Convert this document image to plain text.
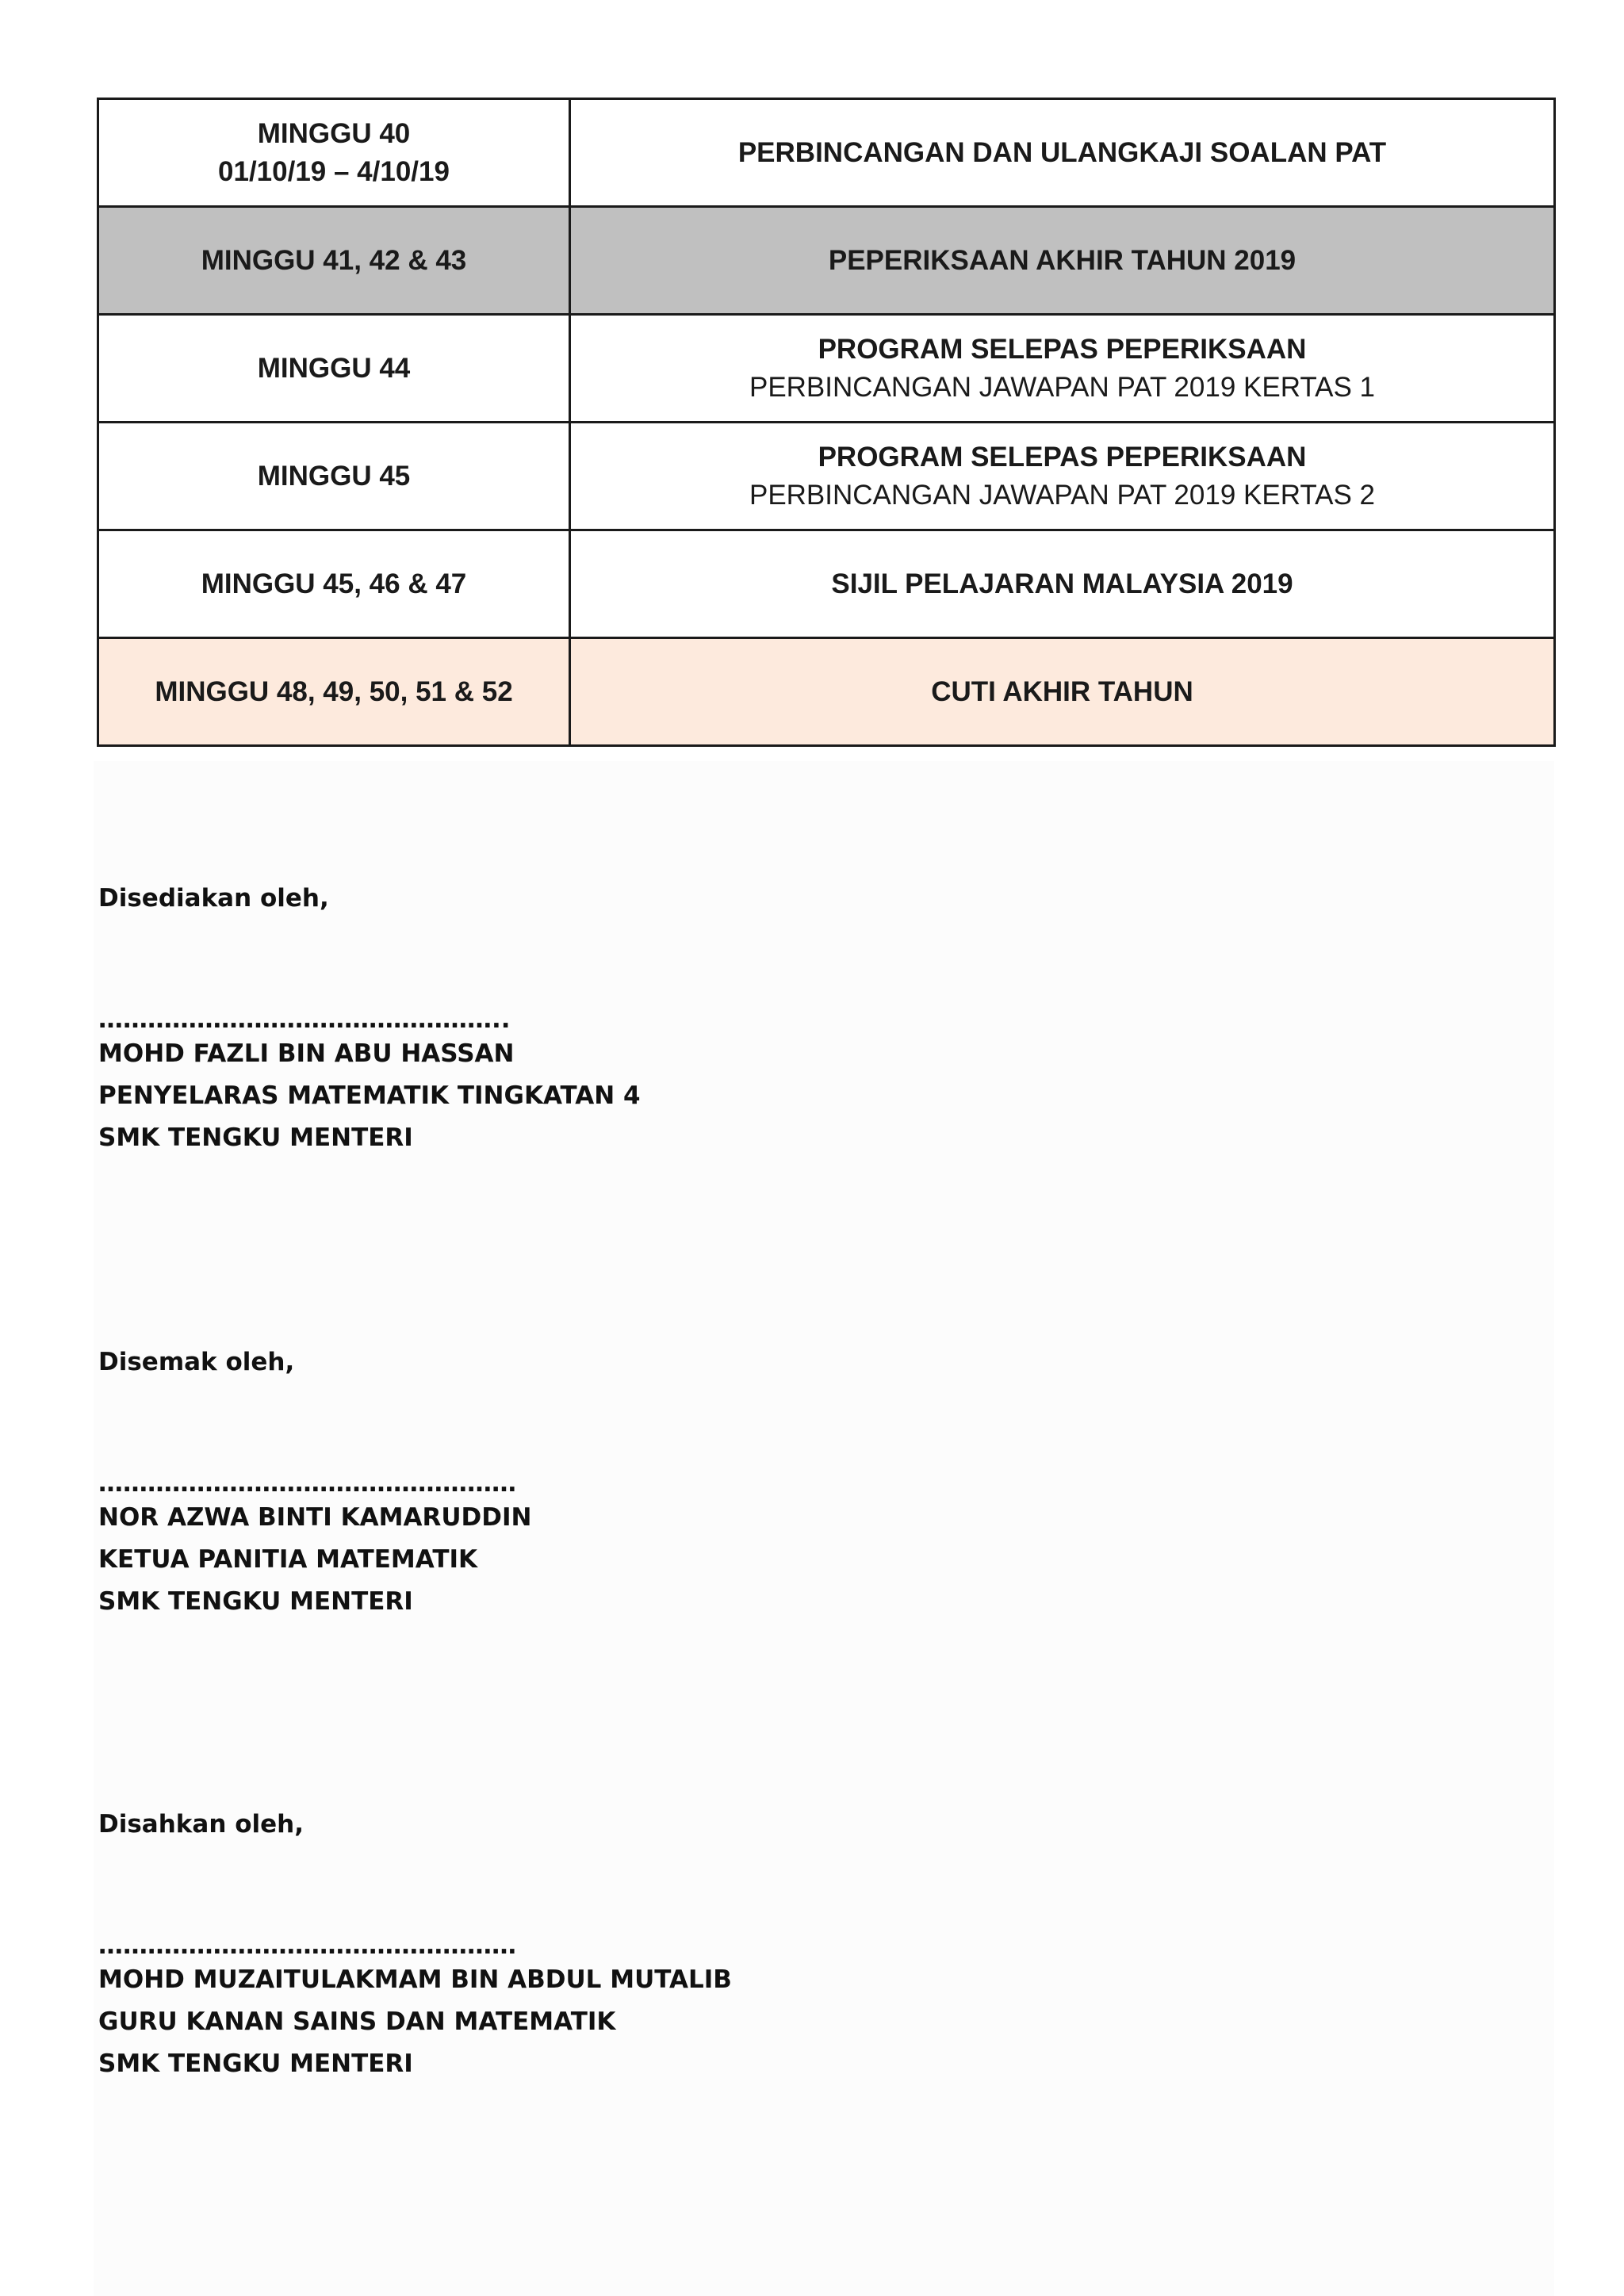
MINGGU 40
01/10/19 – 4/10/19	PERBINCANGAN DAN ULANGKAJI SOALAN PAT

MINGGU 41, 42 & 43	PEPERIKSAAN AKHIR TAHUN 2019

MINGGU 44	PROGRAM SELEPAS PEPERIKSAAN
PERBINCANGAN JAWAPAN PAT 2019 KERTAS 1

MINGGU 45	PROGRAM SELEPAS PEPERIKSAAN
PERBINCANGAN JAWAPAN PAT 2019 KERTAS 2

MINGGU 45, 46 & 47	SIJIL PELAJARAN MALAYSIA 2019

MINGGU 48, 49, 50, 51 & 52	CUTI AKHIR TAHUN
Disediakan oleh,
…………………………………………..
MOHD FAZLI BIN ABU HASSAN
PENYELARAS MATEMATIK TINGKATAN 4
SMK TENGKU MENTERI
Disemak oleh,
……………………………………………
NOR AZWA BINTI KAMARUDDIN
KETUA PANITIA MATEMATIK
SMK TENGKU MENTERI
Disahkan oleh,
……………………………………………
MOHD MUZAITULAKMAM BIN ABDUL MUTALIB
GURU KANAN SAINS DAN MATEMATIK
SMK TENGKU MENTERI
